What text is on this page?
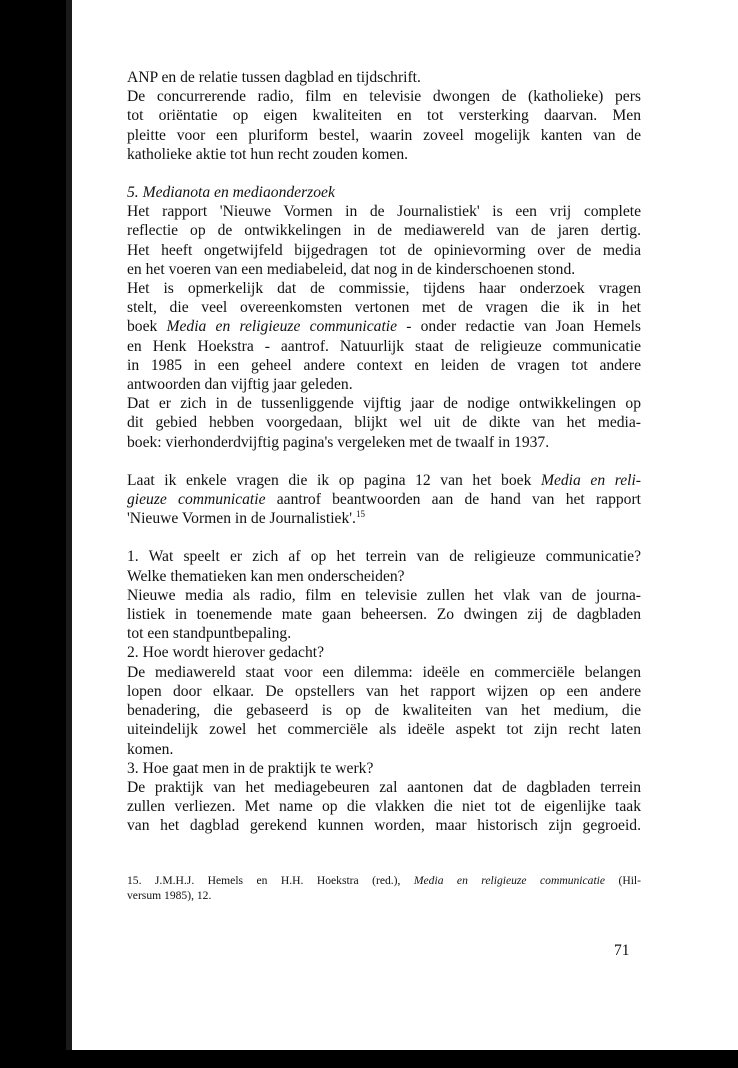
ANP en de relatie tussen dagblad en tijdschrift.
De concurrerende radio, film en televisie dwongen de (katholieke) pers
tot oriëntatie op eigen kwaliteiten en tot versterking daarvan. Men
pleitte voor een pluriform bestel, waarin zoveel mogelijk kanten van de
katholieke aktie tot hun recht zouden komen.
5. Medianota en mediaonderzoek
Het rapport 'Nieuwe Vormen in de Journalistiek' is een vrij complete
reflectie op de ontwikkelingen in de mediawereld van de jaren dertig.
Het heeft ongetwijfeld bijgedragen tot de opinievorming over de media
en het voeren van een mediabeleid, dat nog in de kinderschoenen stond.
Het is opmerkelijk dat de commissie, tijdens haar onderzoek vragen
stelt, die veel overeenkomsten vertonen met de vragen die ik in het
boek Media en religieuze communicatie - onder redactie van Joan Hemels
en Henk Hoekstra - aantrof. Natuurlijk staat de religieuze communicatie
in 1985 in een geheel andere context en leiden de vragen tot andere
antwoorden dan vijftig jaar geleden.
Dat er zich in de tussenliggende vijftig jaar de nodige ontwikkelingen op
dit gebied hebben voorgedaan, blijkt wel uit de dikte van het media-
boek: vierhonderdvijftig pagina's vergeleken met de twaalf in 1937.
Laat ik enkele vragen die ik op pagina 12 van het boek Media en reli-
gieuze communicatie aantrof beantwoorden aan de hand van het rapport
'Nieuwe Vormen in de Journalistiek'.$^{15}$
1. Wat speelt er zich af op het terrein van de religieuze communicatie?
Welke thematieken kan men onderscheiden?
Nieuwe media als radio, film en televisie zullen het vlak van de journa-
listiek in toenemende mate gaan beheersen. Zo dwingen zij de dagbladen
tot een standpuntbepaling.
2. Hoe wordt hierover gedacht?
De mediawereld staat voor een dilemma: ideële en commerciële belangen
lopen door elkaar. De opstellers van het rapport wijzen op een andere
benadering, die gebaseerd is op de kwaliteiten van het medium, die
uiteindelijk zowel het commerciële als ideële aspekt tot zijn recht laten
komen.
3. Hoe gaat men in de praktijk te werk?
De praktijk van het mediagebeuren zal aantonen dat de dagbladen terrein
zullen verliezen. Met name op die vlakken die niet tot de eigenlijke taak
van het dagblad gerekend kunnen worden, maar historisch zijn gegroeid.
15. J.M.H.J. Hemels en H.H. Hoekstra (red.), Media en religieuze communicatie (Hil-
versum 1985), 12.
71
